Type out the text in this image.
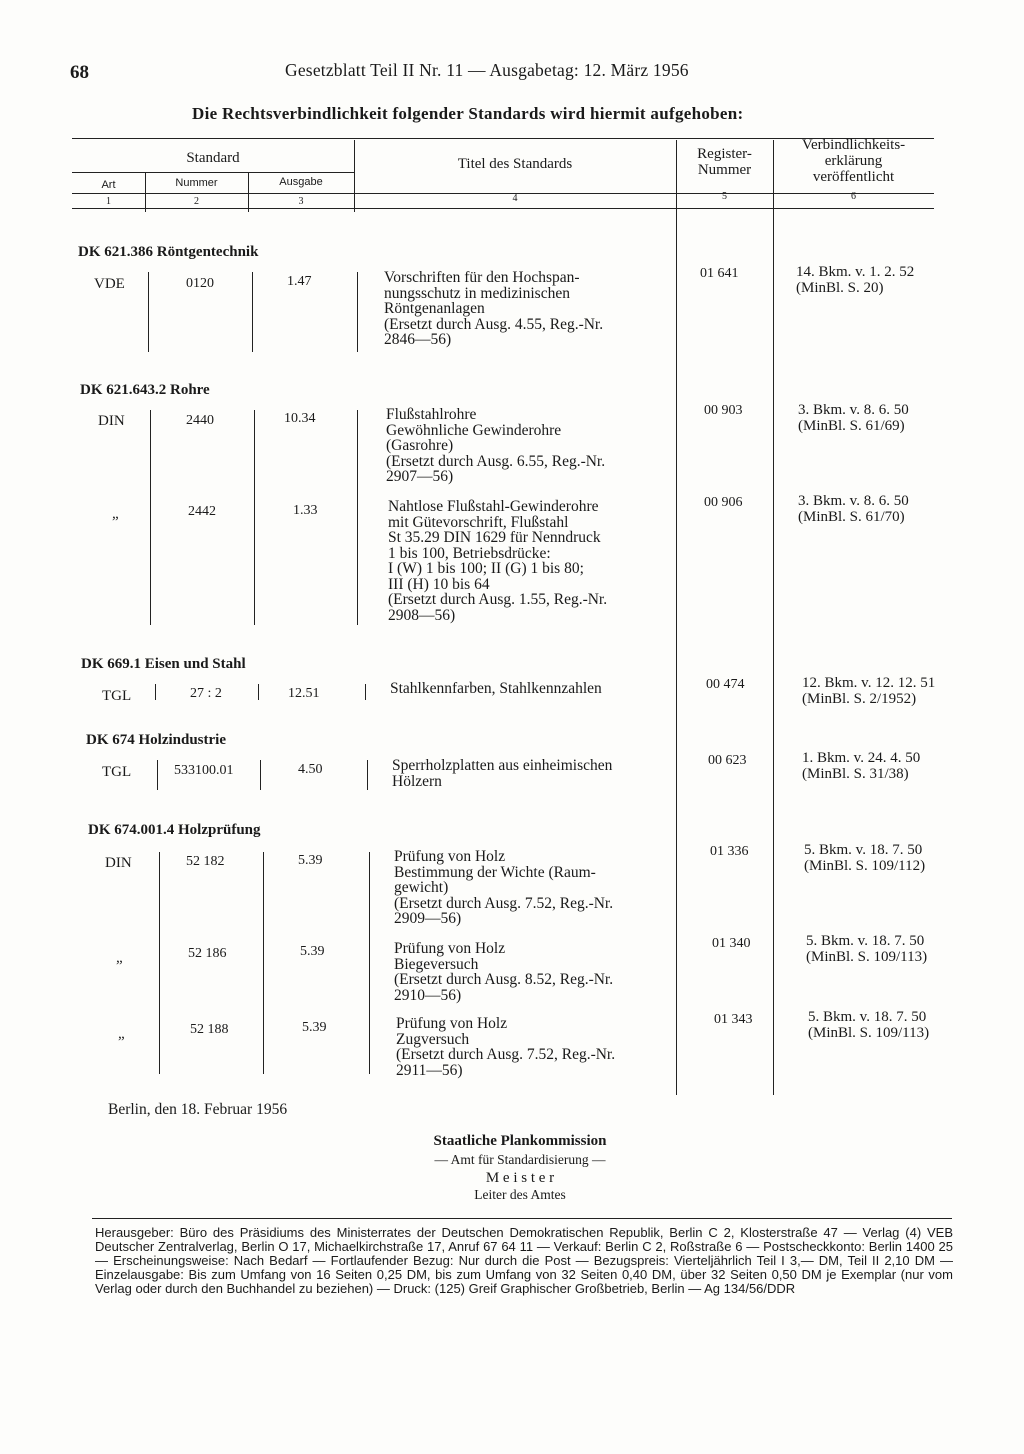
68	Gesetzblatt Teil II Nr. 11 — Ausgabetag: 12. März 1956
Die Rechtsverbindlichkeit folgender Standards wird hiermit aufgehoben:
Standard
Art	Nummer	Ausgabe
Titel des Standards
Register-
Nummer
Verbindlichkeits-
erklärung
veröffentlicht
1	2	3	4	5	6
DK 621.386 Röntgentechnik
VDE	0120	1.47	Vorschriften für den Hochspan-
nungsschutz in medizinischen
Röntgenanlagen
(Ersetzt durch Ausg. 4.55, Reg.-Nr.
2846—56)
01 641	14. Bkm. v. 1. 2. 52
(MinBl. S. 20)
DK 621.643.2 Rohre
DIN	2440	10.34	Flußstahlrohre
Gewöhnliche Gewinderohre
(Gasrohre)
(Ersetzt durch Ausg. 6.55, Reg.-Nr.
2907—56)
00 903	3. Bkm. v. 8. 6. 50
(MinBl. S. 61/69)
„	2442	1.33	Nahtlose Flußstahl-Gewinderohre
mit Gütevorschrift, Flußstahl
St 35.29 DIN 1629 für Nenndruck
1 bis 100, Betriebsdrücke:
I (W) 1 bis 100; II (G) 1 bis 80;
III (H) 10 bis 64
(Ersetzt durch Ausg. 1.55, Reg.-Nr.
2908—56)
00 906	3. Bkm. v. 8. 6. 50
(MinBl. S. 61/70)
DK 669.1 Eisen und Stahl
TGL	27 : 2	12.51	Stahlkennfarben, Stahlkennzahlen	00 474	12. Bkm. v. 12. 12. 51
(MinBl. S. 2/1952)
DK 674 Holzindustrie
TGL	533100.01	4.50	Sperrholzplatten aus einheimischen
Hölzern
00 623	1. Bkm. v. 24. 4. 50
(MinBl. S. 31/38)
DK 674.001.4 Holzprüfung
DIN	52 182	5.39	Prüfung von Holz
Bestimmung der Wichte (Raum-
gewicht)
(Ersetzt durch Ausg. 7.52, Reg.-Nr.
2909—56)
01 336	5. Bkm. v. 18. 7. 50
(MinBl. S. 109/112)
„	52 186	5.39	Prüfung von Holz
Biegeversuch
(Ersetzt durch Ausg. 8.52, Reg.-Nr.
2910—56)
01 340	5. Bkm. v. 18. 7. 50
(MinBl. S. 109/113)
„	52 188	5.39	Prüfung von Holz
Zugversuch
(Ersetzt durch Ausg. 7.52, Reg.-Nr.
2911—56)
01 343	5. Bkm. v. 18. 7. 50
(MinBl. S. 109/113)
Berlin, den 18. Februar 1956
Staatliche Plankommission
— Amt für Standardisierung —
M e i s t e r
Leiter des Amtes
Herausgeber: Büro des Präsidiums des Ministerrates der Deutschen Demokratischen Republik, Berlin C 2, Klosterstraße 47 — Verlag (4) VEB Deutscher Zentralverlag, Berlin O 17, Michaelkirchstraße 17, Anruf 67 64 11 — Verkauf: Berlin C 2, Roßstraße 6 — Postscheckkonto: Berlin 1400 25 — Erscheinungsweise: Nach Bedarf — Fortlaufender Bezug: Nur durch die Post — Bezugspreis: Vierteljährlich Teil I 3,— DM, Teil II 2,10 DM — Einzelausgabe: Bis zum Umfang von 16 Seiten 0,25 DM, bis zum Umfang von 32 Seiten 0,40 DM, über 32 Seiten 0,50 DM je Exemplar (nur vom Verlag oder durch den Buchhandel zu beziehen) — Druck: (125) Greif Graphischer Großbetrieb, Berlin — Ag 134/56/DDR
